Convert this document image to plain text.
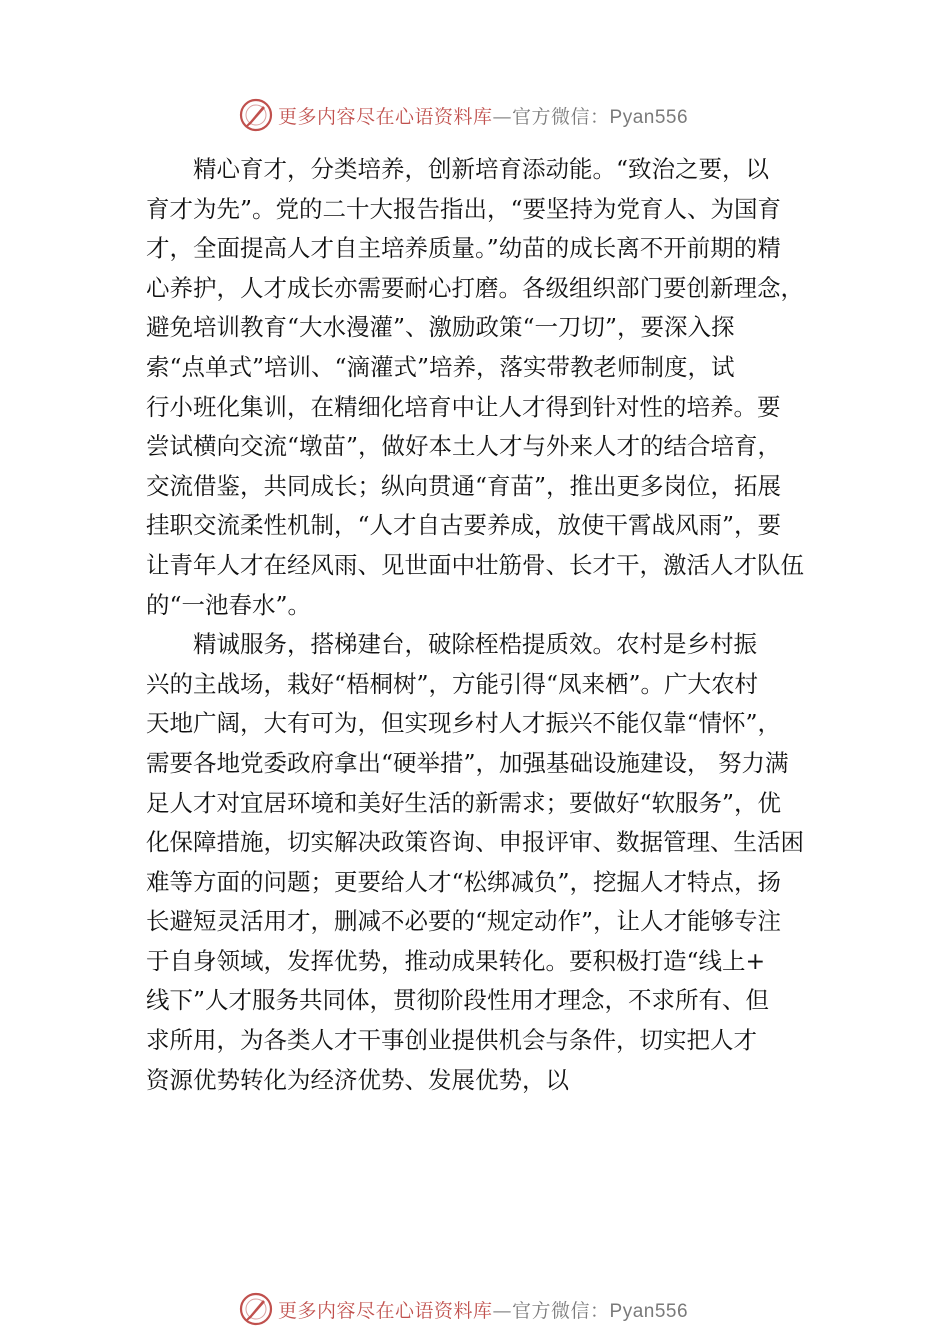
更多内容尽在心语资料库—官方微信：Pyan556
　　精心育才，分类培养，创新培育添动能。“致治之要，以
育才为先”。党的二十大报告指出，“要坚持为党育人、为国育
才，全面提高人才自主培养质量。”幼苗的成长离不开前期的精
心养护，人才成长亦需要耐心打磨。各级组织部门要创新理念，
避免培训教育“大水漫灌”、激励政策“一刀切”，要深入探
索“点单式”培训、“滴灌式”培养，落实带教老师制度，试
行小班化集训，在精细化培育中让人才得到针对性的培养。要
尝试横向交流“墩苗”，做好本土人才与外来人才的结合培育，
交流借鉴，共同成长；纵向贯通“育苗”，推出更多岗位，拓展
挂职交流柔性机制，“人才自古要养成，放使干霄战风雨”，要
让青年人才在经风雨、见世面中壮筋骨、长才干，激活人才队伍
的“一池春水”。
　　精诚服务，搭梯建台，破除桎梏提质效。农村是乡村振
兴的主战场，栽好“梧桐树”，方能引得“凤来栖”。广大农村
天地广阔，大有可为，但实现乡村人才振兴不能仅靠“情怀”，
需要各地党委政府拿出“硬举措”，加强基础设施建设， 努力满
足人才对宜居环境和美好生活的新需求；要做好“软服务”，优
化保障措施，切实解决政策咨询、申报评审、数据管理、生活困
难等方面的问题；更要给人才“松绑减负”，挖掘人才特点，扬
长避短灵活用才，删减不必要的“规定动作”，让人才能够专注
于自身领域，发挥优势，推动成果转化。要积极打造“线上+
线下”人才服务共同体，贯彻阶段性用才理念，不求所有、但
求所用，为各类人才干事创业提供机会与条件，切实把人才
资源优势转化为经济优势、发展优势，以
更多内容尽在心语资料库—官方微信：Pyan556
